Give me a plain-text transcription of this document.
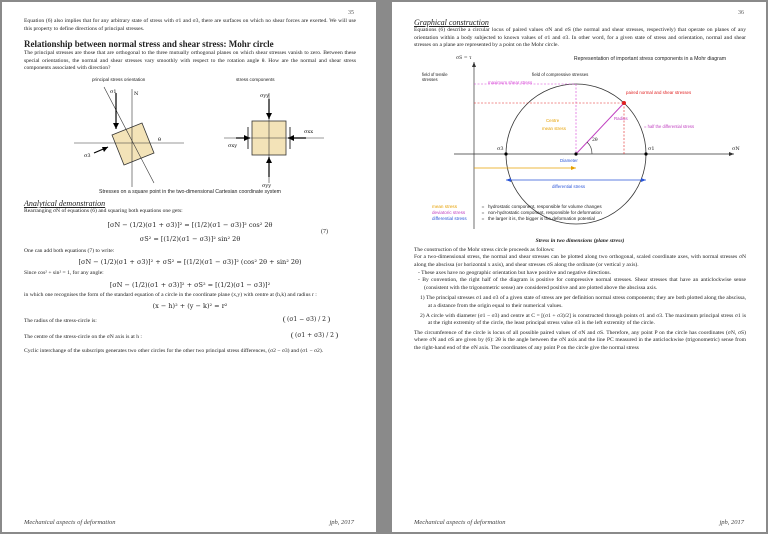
35

Equation (6) also implies that for any arbitrary state of stress with σ1 and σ3, there are surfaces on which no shear forces are exerted. We will use this property to define directions of principal stresses.

Relationship between normal stress and shear stress: Mohr circle

The principal stresses are those that are orthogonal to the three mutually orthogonal planes on which shear stresses vanish to zero. Between these special orientations, the normal and shear stresses vary smoothly with respect to the rotation angle θ. How are the normal and shear stress components associated with direction?

principal stress orientation	stress components
σ1
σ3
N
θ
σyy
σxx
σxy
σyy
Stresses on a square point in the two-dimensional Cartesian coordinate system
Analytical demonstration

Rearranging σN of equations (6) and squaring both equations one gets:

[σN − (1/2)(σ1 + σ3)]² = [(1/2)(σ1 − σ3)]² cos² 2θ
σS² = [(1/2)(σ1 − σ3)]² sin² 2θ
(7)

One can add both equations (7) to write:

[σN − (1/2)(σ1 + σ3)]² + σS² = [(1/2)(σ1 − σ3)]² (cos² 2θ + sin² 2θ)

Since cos² + sin² = 1, for any angle:

[σN − (1/2)(σ1 + σ3)]² + σS² = [(1/2)(σ1 − σ3)]²

in which one recognises the form of the standard equation of a circle in the coordinate plane (x,y) with centre at (h,k) and radius r :

(x − h)² + (y − k)² = r²

The radius of the stress-circle is:	(σ1 − σ3) / 2

The centre of the stress-circle on the σN axis is at h :	(σ1 + σ3) / 2

Cyclic interchange of the subscripts generates two other circles for the other two principal stress differences, (σ2 − σ3) and (σ1 − σ2).

Mechanical aspects of deformation	jpb, 2017
36
Graphical construction

Equations (6) describe a circular locus of paired values σN and σS (the normal and shear stresses, respectively) that operate on planes of any orientation within a body subjected to known values of σ1 and σ3. In other word, for a given state of stress and orientation, normal and shear stresses on a plane are represented by a point on the Mohr circle.

Representation of important stress components in a Mohr diagram
σS = τ
σN
field of tensile stresses
field of compressive stresses
maximum shear stress
paired normal and shear stresses
Centre
mean stress
Radius
= half the differential stress
Diameter
differential stress
σ1
σ3
2θ
mean stress	= hydrostatic component, responsible for volume changes
deviatoric stress	= non-hydrostatic component, responsible for deformation
differential stress	= the larger it is, the bigger is the deformation potential
Stress in two dimensions (plane stress)

The construction of the Mohr stress circle proceeds as follows:

For a two-dimensional stress, the normal and shear stresses can be plotted along two orthogonal, scaled coordinate axes, with normal stresses σN along the abscissa (or horizontal x axis), and shear stresses σS along the ordinate (or vertical y axis).

- These axes have no geographic orientation but have positive and negative directions.

- By convention, the right half of the diagram is positive for compressive normal stresses. Shear stresses that have an anticlockwise sense (consistent with the trigonometric sense) are considered positive and are plotted above the abscissa axis.

1) The principal stresses σ1 and σ3 of a given state of stress are per definition normal stress components; they are both plotted along the abscissa, at a distance from the origin equal to their numerical values.

2) A circle with diameter (σ1 − σ3) and centre at C = [(σ1 + σ3)/2] is constructed through points σ1 and σ3. The maximum principal stress σ1 is at the right extremity of the circle, the least principal stress value σ3 is the left extremity of the circle.

The circumference of the circle is locus of all possible paired values of σN and σS. Therefore, any point P on the circle has coordinates (σN, σS) where σN and σS are given by (6): 2θ is the angle between the σN axis and the line PC measured in the anticlockwise (trigonometric) sense from the right-hand end of the σN axis. The coordinates of any point P on the circle give the normal stress

Mechanical aspects of deformation	jpb, 2017
